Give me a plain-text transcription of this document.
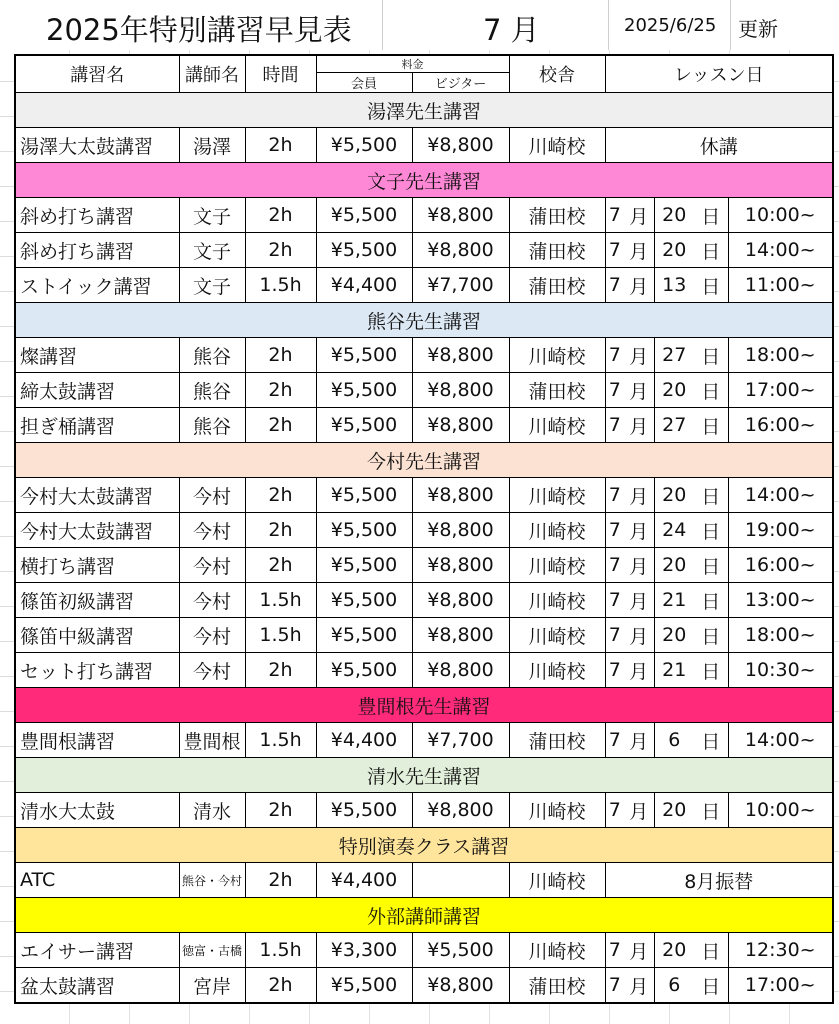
2025年特別講習早見表	7 月	2025/6/25 更新
講習名	講師名	時間	料金		校舎	レッスン日				
			会員	ビジター						
湯澤先生講習										
湯澤大太鼓講習	湯澤	2h	¥5,500	¥8,800	川崎校	休講				
文子先生講習										
斜め打ち講習	文子	2h	¥5,500	¥8,800	蒲田校	7	月	20	日	10:00~
斜め打ち講習	文子	2h	¥5,500	¥8,800	蒲田校	7	月	20	日	14:00~
ストイック講習	文子	1.5h	¥4,400	¥7,700	蒲田校	7	月	13	日	11:00~
熊谷先生講習										
燦講習	熊谷	2h	¥5,500	¥8,800	川崎校	7	月	27	日	18:00~
締太鼓講習	熊谷	2h	¥5,500	¥8,800	蒲田校	7	月	20	日	17:00~
担ぎ桶講習	熊谷	2h	¥5,500	¥8,800	川崎校	7	月	27	日	16:00~
今村先生講習										
今村大太鼓講習	今村	2h	¥5,500	¥8,800	川崎校	7	月	20	日	14:00~
今村大太鼓講習	今村	2h	¥5,500	¥8,800	川崎校	7	月	24	日	19:00~
横打ち講習	今村	2h	¥5,500	¥8,800	川崎校	7	月	20	日	16:00~
篠笛初級講習	今村	1.5h	¥5,500	¥8,800	川崎校	7	月	21	日	13:00~
篠笛中級講習	今村	1.5h	¥5,500	¥8,800	川崎校	7	月	20	日	18:00~
セット打ち講習	今村	2h	¥5,500	¥8,800	川崎校	7	月	21	日	10:30~
豊間根先生講習										
豊間根講習	豊間根	1.5h	¥4,400	¥7,700	蒲田校	7	月	6	日	14:00~
清水先生講習										
清水大太鼓	清水	2h	¥5,500	¥8,800	川崎校	7	月	20	日	10:00~
特別演奏クラス講習										
ATC	熊谷・今村	2h	¥4,400		川崎校	8月振替				
外部講師講習										
エイサー講習	徳富・古橋	1.5h	¥3,300	¥5,500	川崎校	7	月	20	日	12:30~
盆太鼓講習	宮岸	2h	¥5,500	¥8,800	蒲田校	7	月	6	日	17:00~
